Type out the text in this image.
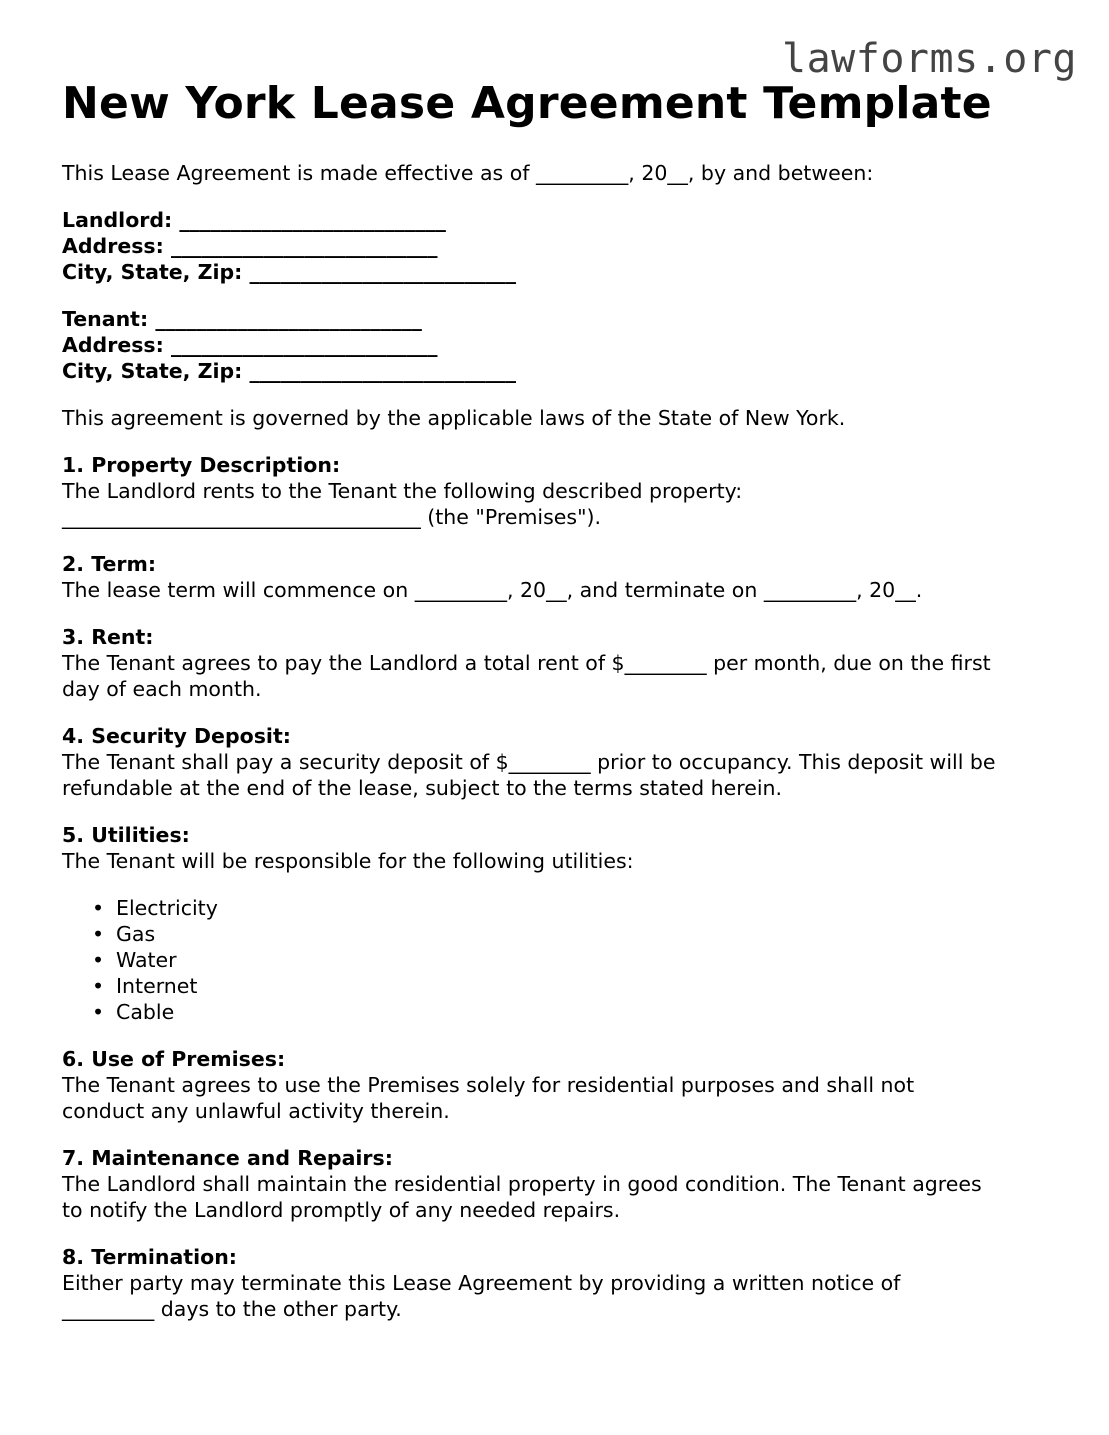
lawforms.org
New York Lease Agreement Template

This Lease Agreement is made effective as of _________, 20__, by and between:

Landlord: __________________________

Address: __________________________

City, State, Zip: __________________________

Tenant: __________________________

Address: __________________________

City, State, Zip: __________________________

This agreement is governed by the applicable laws of the State of New York.

1. Property Description:

The Landlord rents to the Tenant the following described property:

___________________________________ (the "Premises").

2. Term:

The lease term will commence on _________, 20__, and terminate on _________, 20__.

3. Rent:

The Tenant agrees to pay the Landlord a total rent of $________ per month, due on the first

day of each month.

4. Security Deposit:

The Tenant shall pay a security deposit of $________ prior to occupancy. This deposit will be

refundable at the end of the lease, subject to the terms stated herein.

5. Utilities:

The Tenant will be responsible for the following utilities:

• Electricity
• Gas
• Water
• Internet
• Cable

6. Use of Premises:

The Tenant agrees to use the Premises solely for residential purposes and shall not

conduct any unlawful activity therein.

7. Maintenance and Repairs:

The Landlord shall maintain the residential property in good condition. The Tenant agrees

to notify the Landlord promptly of any needed repairs.

8. Termination:

Either party may terminate this Lease Agreement by providing a written notice of

_________ days to the other party.
